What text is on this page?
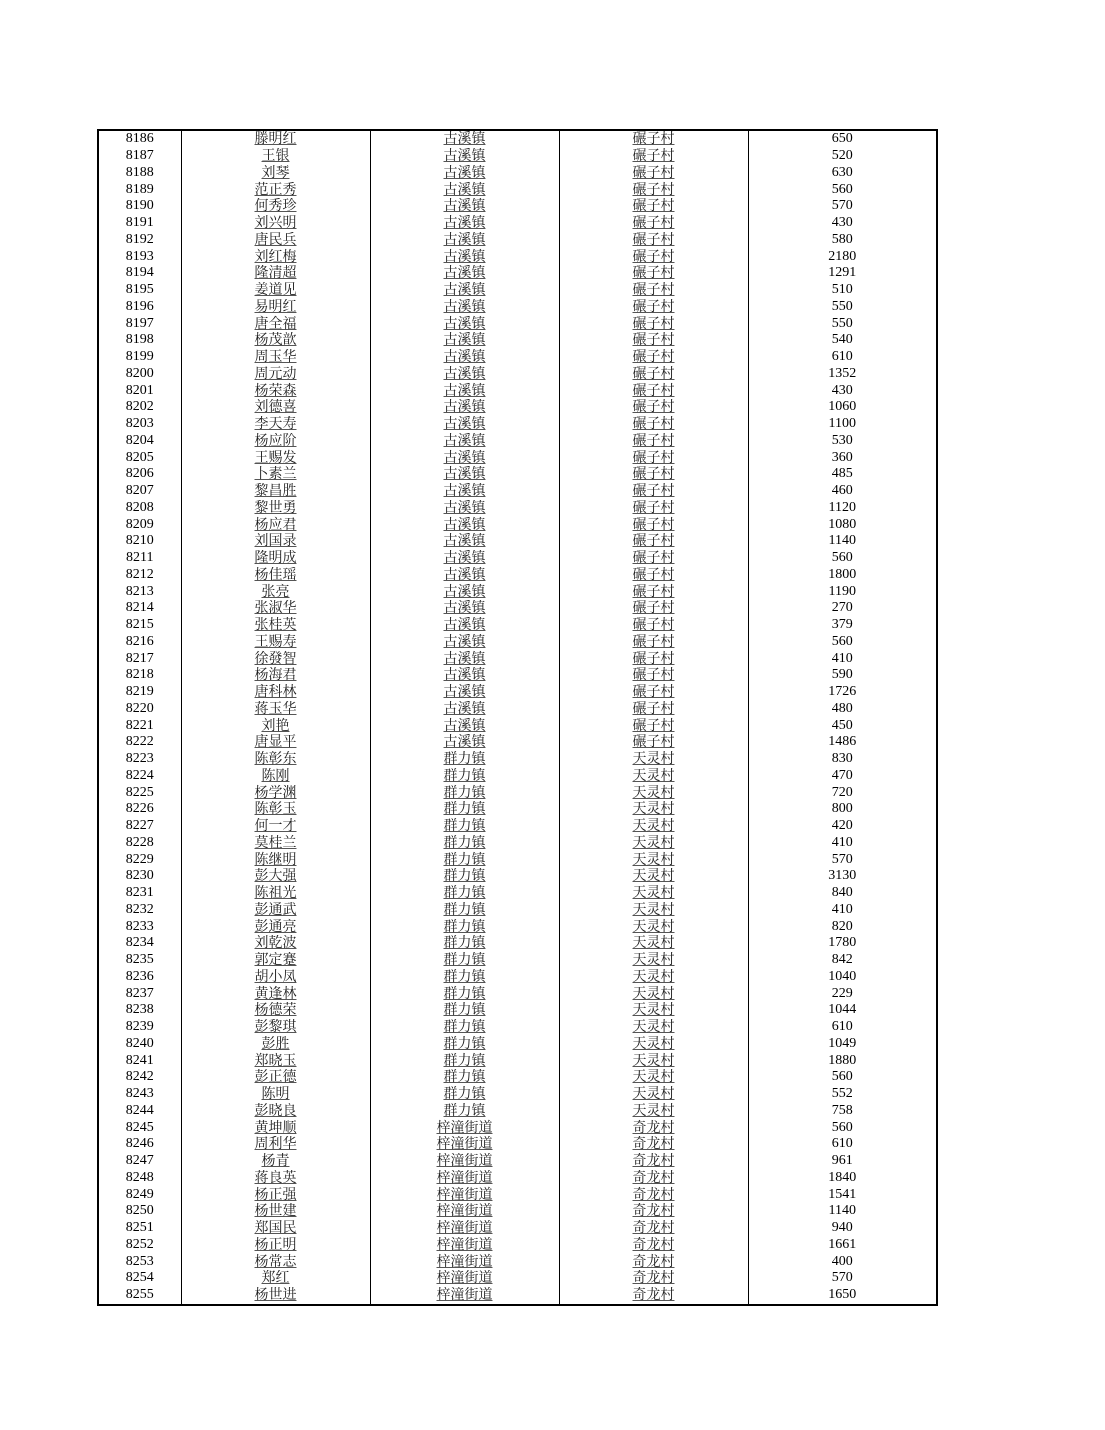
8186	滕明红	古溪镇	碾子村	650
8187	王银	古溪镇	碾子村	520
8188	刘琴	古溪镇	碾子村	630
8189	范正秀	古溪镇	碾子村	560
8190	何秀珍	古溪镇	碾子村	570
8191	刘兴明	古溪镇	碾子村	430
8192	唐民兵	古溪镇	碾子村	580
8193	刘红梅	古溪镇	碾子村	2180
8194	隆清超	古溪镇	碾子村	1291
8195	姜道见	古溪镇	碾子村	510
8196	易明红	古溪镇	碾子村	550
8197	唐全福	古溪镇	碾子村	550
8198	杨茂歆	古溪镇	碾子村	540
8199	周玉华	古溪镇	碾子村	610
8200	周元动	古溪镇	碾子村	1352
8201	杨荣森	古溪镇	碾子村	430
8202	刘德喜	古溪镇	碾子村	1060
8203	李天寿	古溪镇	碾子村	1100
8204	杨应阶	古溪镇	碾子村	530
8205	王赐发	古溪镇	碾子村	360
8206	卜素兰	古溪镇	碾子村	485
8207	黎昌胜	古溪镇	碾子村	460
8208	黎世勇	古溪镇	碾子村	1120
8209	杨应君	古溪镇	碾子村	1080
8210	刘国录	古溪镇	碾子村	1140
8211	隆明成	古溪镇	碾子村	560
8212	杨佳瑶	古溪镇	碾子村	1800
8213	张亮	古溪镇	碾子村	1190
8214	张淑华	古溪镇	碾子村	270
8215	张桂英	古溪镇	碾子村	379
8216	王赐寿	古溪镇	碾子村	560
8217	徐發智	古溪镇	碾子村	410
8218	杨海君	古溪镇	碾子村	590
8219	唐科林	古溪镇	碾子村	1726
8220	蒋玉华	古溪镇	碾子村	480
8221	刘艳	古溪镇	碾子村	450
8222	唐显平	古溪镇	碾子村	1486
8223	陈彰东	群力镇	天灵村	830
8224	陈刚	群力镇	天灵村	470
8225	杨学渊	群力镇	天灵村	720
8226	陈彰玉	群力镇	天灵村	800
8227	何一才	群力镇	天灵村	420
8228	莫桂兰	群力镇	天灵村	410
8229	陈继明	群力镇	天灵村	570
8230	彭大强	群力镇	天灵村	3130
8231	陈祖光	群力镇	天灵村	840
8232	彭通武	群力镇	天灵村	410
8233	彭通亮	群力镇	天灵村	820
8234	刘乾波	群力镇	天灵村	1780
8235	郭定蹇	群力镇	天灵村	842
8236	胡小凤	群力镇	天灵村	1040
8237	黄逢林	群力镇	天灵村	229
8238	杨德荣	群力镇	天灵村	1044
8239	彭黎琪	群力镇	天灵村	610
8240	彭胜	群力镇	天灵村	1049
8241	郑晓玉	群力镇	天灵村	1880
8242	彭正德	群力镇	天灵村	560
8243	陈明	群力镇	天灵村	552
8244	彭晓良	群力镇	天灵村	758
8245	黄坤顺	梓潼街道	奇龙村	560
8246	周利华	梓潼街道	奇龙村	610
8247	杨青	梓潼街道	奇龙村	961
8248	蒋良英	梓潼街道	奇龙村	1840
8249	杨正强	梓潼街道	奇龙村	1541
8250	杨世建	梓潼街道	奇龙村	1140
8251	郑国民	梓潼街道	奇龙村	940
8252	杨正明	梓潼街道	奇龙村	1661
8253	杨常志	梓潼街道	奇龙村	400
8254	郑红	梓潼街道	奇龙村	570
8255	杨世进	梓潼街道	奇龙村	1650
